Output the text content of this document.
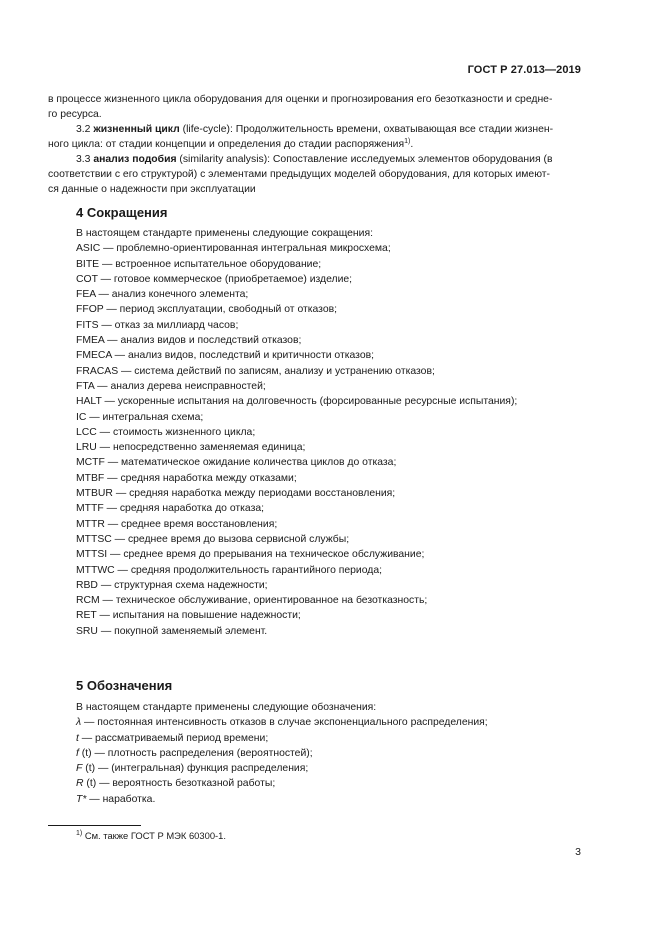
ГОСТ Р 27.013—2019
в процессе жизненного цикла оборудования для оценки и прогнозирования его безотказности и средне-
го ресурса.
3.2 жизненный цикл (life-cycle): Продолжительность времени, охватывающая все стадии жизнен-
ного цикла: от стадии концепции и определения до стадии распоряжения$^{1)}$.
3.3 анализ подобия (similarity analysis): Сопоставление исследуемых элементов оборудования (в
соответствии с его структурой) с элементами предыдущих моделей оборудования, для которых имеют-
ся данные о надежности при эксплуатации
4 Сокращения
В настоящем стандарте применены следующие сокращения:
ASIC — проблемно-ориентированная интегральная микросхема;
BITE — встроенное испытательное оборудование;
COT — готовое коммерческое (приобретаемое) изделие;
FEA — анализ конечного элемента;
FFOP — период эксплуатации, свободный от отказов;
FITS — отказ за миллиард часов;
FMEA — анализ видов и последствий отказов;
FMECA — анализ видов, последствий и критичности отказов;
FRACAS — система действий по записям, анализу и устранению отказов;
FTA — анализ дерева неисправностей;
HALT — ускоренные испытания на долговечность (форсированные ресурсные испытания);
IC — интегральная схема;
LCC — стоимость жизненного цикла;
LRU — непосредственно заменяемая единица;
MCTF — математическое ожидание количества циклов до отказа;
MTBF — средняя наработка между отказами;
MTBUR — средняя наработка между периодами восстановления;
MTTF — средняя наработка до отказа;
MTTR — среднее время восстановления;
MTTSC — среднее время до вызова сервисной службы;
MTTSI — среднее время до прерывания на техническое обслуживание;
MTTWC — средняя продолжительность гарантийного периода;
RBD — структурная схема надежности;
RCM — техническое обслуживание, ориентированное на безотказность;
RET — испытания на повышение надежности;
SRU — покупной заменяемый элемент.
5 Обозначения
В настоящем стандарте применены следующие обозначения:
λ — постоянная интенсивность отказов в случае экспоненциального распределения;
t — рассматриваемый период времени;
f (t) — плотность распределения (вероятностей);
F (t) — (интегральная) функция распределения;
R (t) — вероятность безотказной работы;
T* — наработка.
$^{1)}$ См. также ГОСТ Р МЭК 60300-1.
3
